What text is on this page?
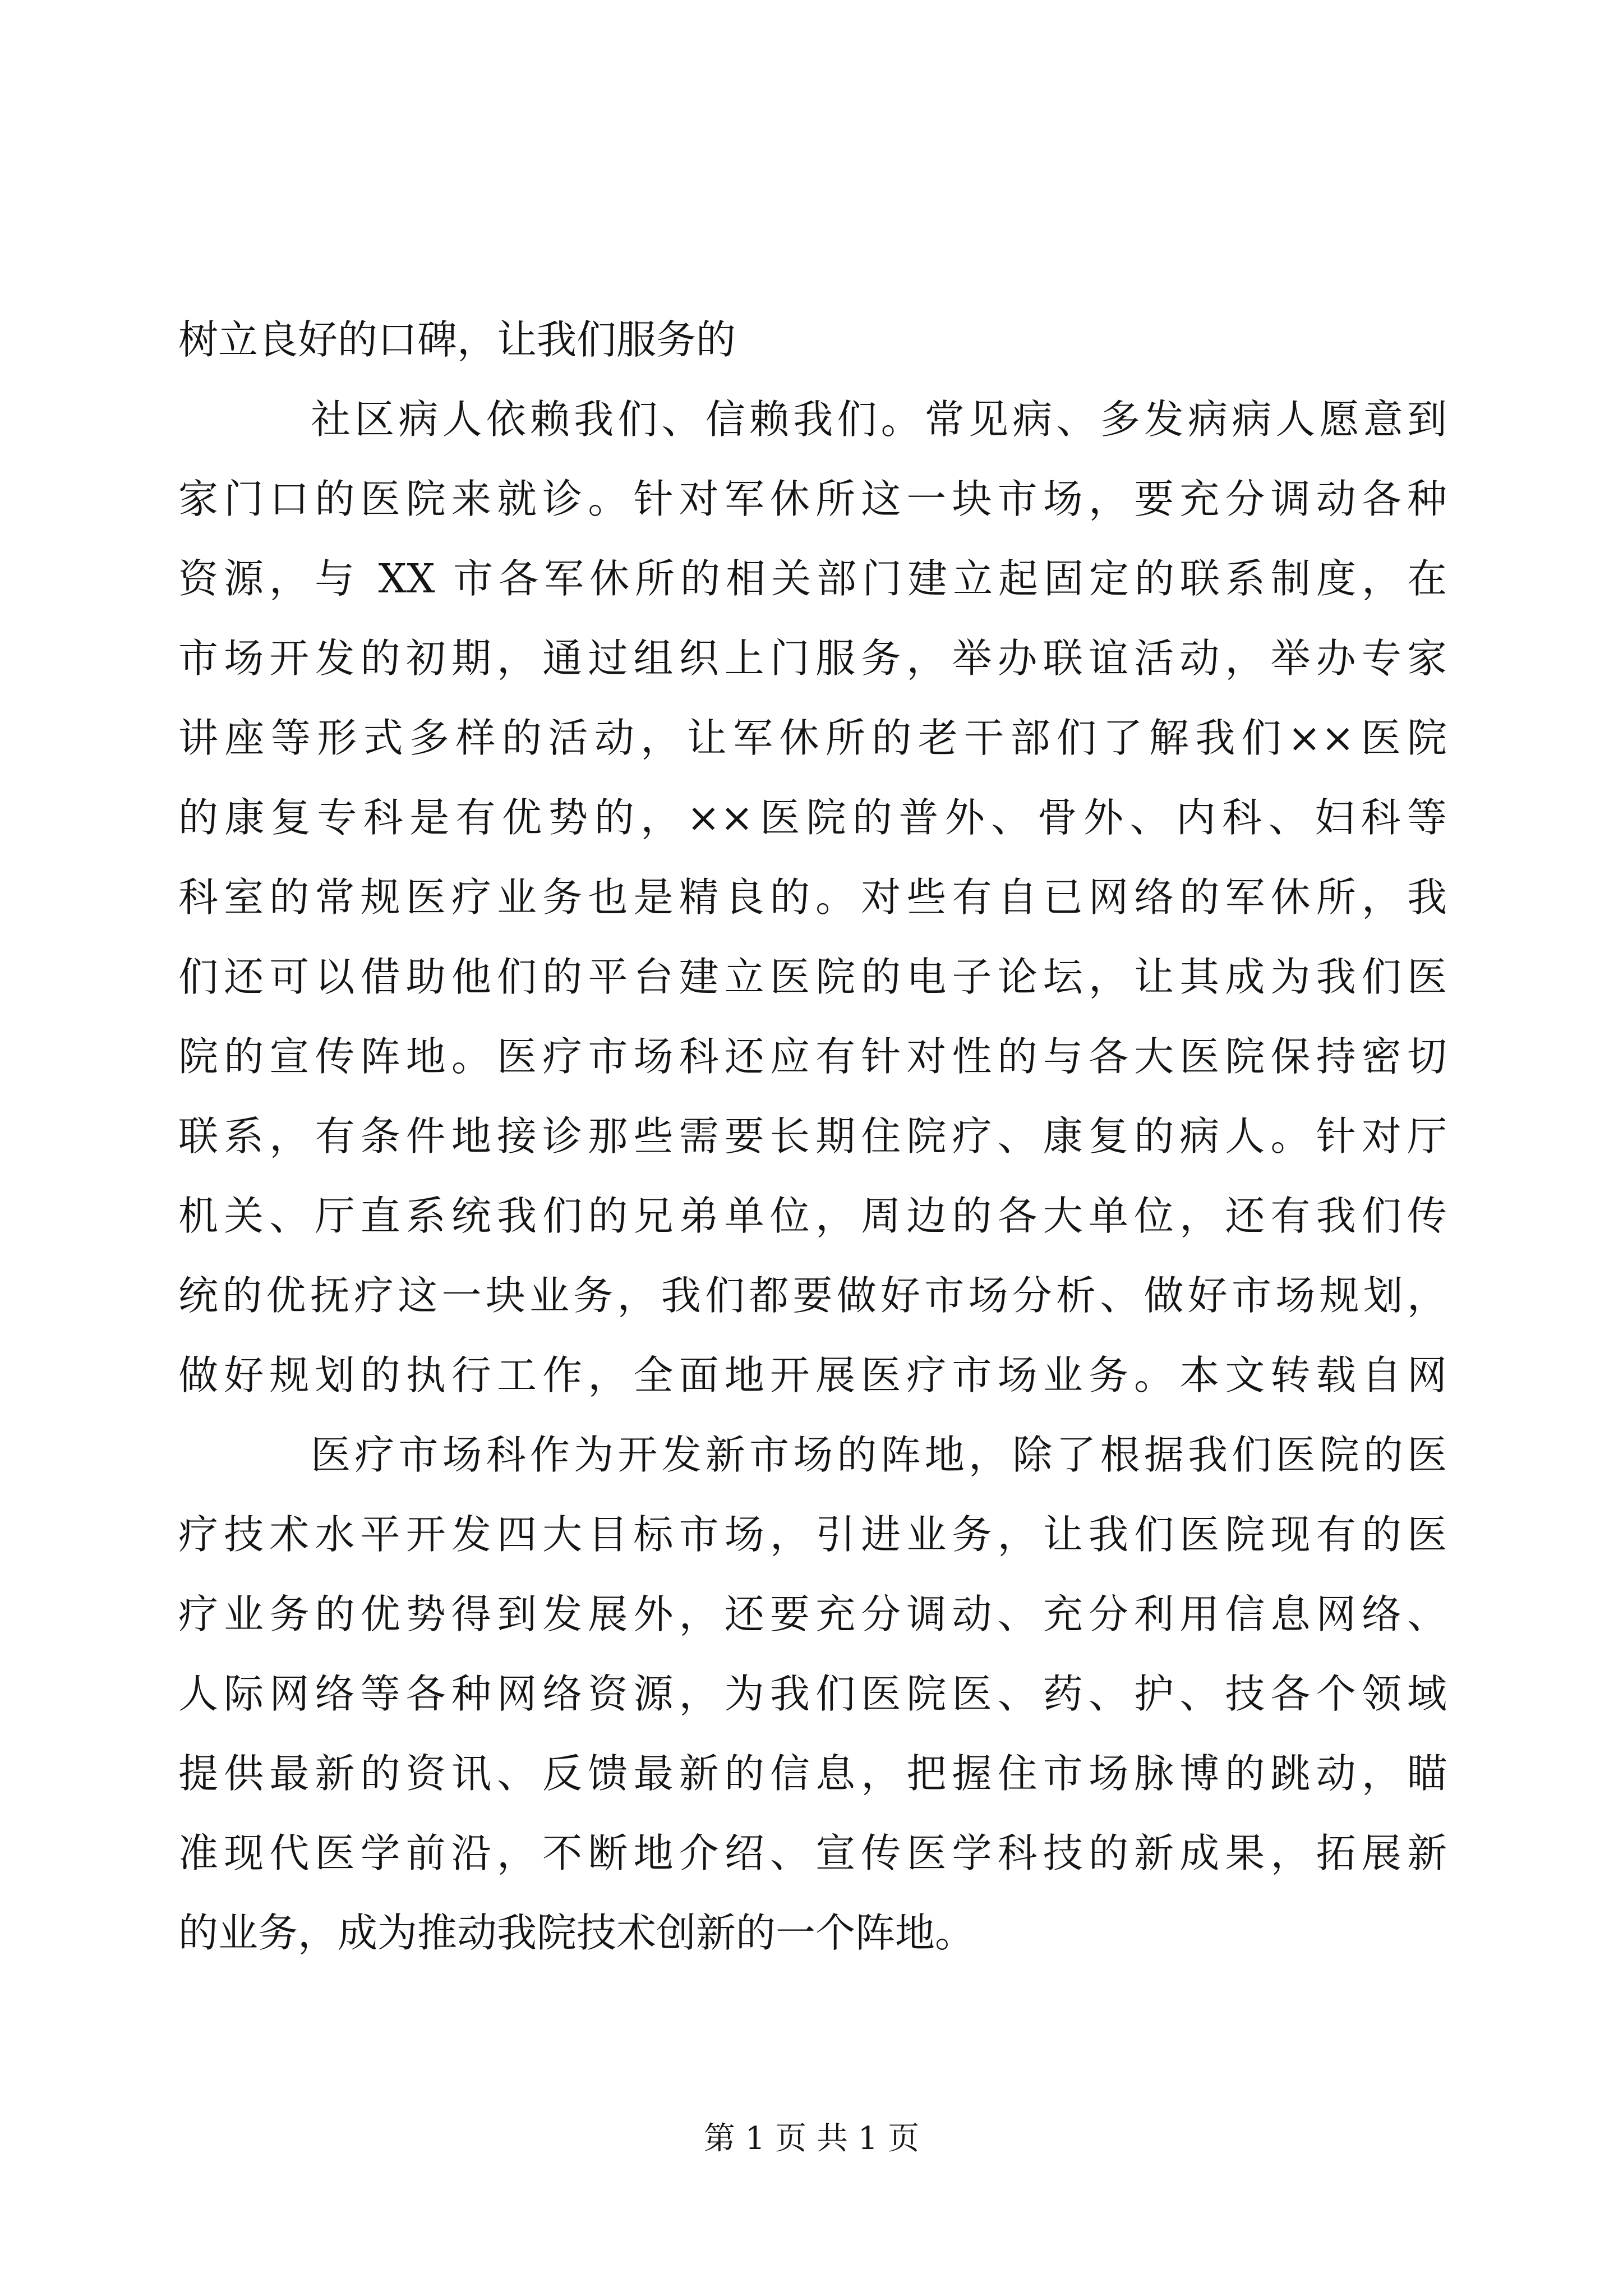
树立良好的口碑，让我们服务的
社区病人依赖我们、信赖我们。常见病、多发病病人愿意到
家门口的医院来就诊。针对军休所这一块市场，要充分调动各种
资源，与 XX 市各军休所的相关部门建立起固定的联系制度，在
市场开发的初期，通过组织上门服务，举办联谊活动，举办专家
讲座等形式多样的活动，让军休所的老干部们了解我们××医院
的康复专科是有优势的，××医院的普外、骨外、内科、妇科等
科室的常规医疗业务也是精良的。对些有自已网络的军休所，我
们还可以借助他们的平台建立医院的电子论坛，让其成为我们医
院的宣传阵地。医疗市场科还应有针对性的与各大医院保持密切
联系，有条件地接诊那些需要长期住院疗、康复的病人。针对厅
机关、厅直系统我们的兄弟单位，周边的各大单位，还有我们传
统的优抚疗这一块业务，我们都要做好市场分析、做好市场规划，
做好规划的执行工作，全面地开展医疗市场业务。本文转载自网
医疗市场科作为开发新市场的阵地，除了根据我们医院的医
疗技术水平开发四大目标市场，引进业务，让我们医院现有的医
疗业务的优势得到发展外，还要充分调动、充分利用信息网络、
人际网络等各种网络资源，为我们医院医、药、护、技各个领域
提供最新的资讯、反馈最新的信息，把握住市场脉博的跳动，瞄
准现代医学前沿，不断地介绍、宣传医学科技的新成果，拓展新
的业务，成为推动我院技术创新的一个阵地。
第 1 页 共 1 页
